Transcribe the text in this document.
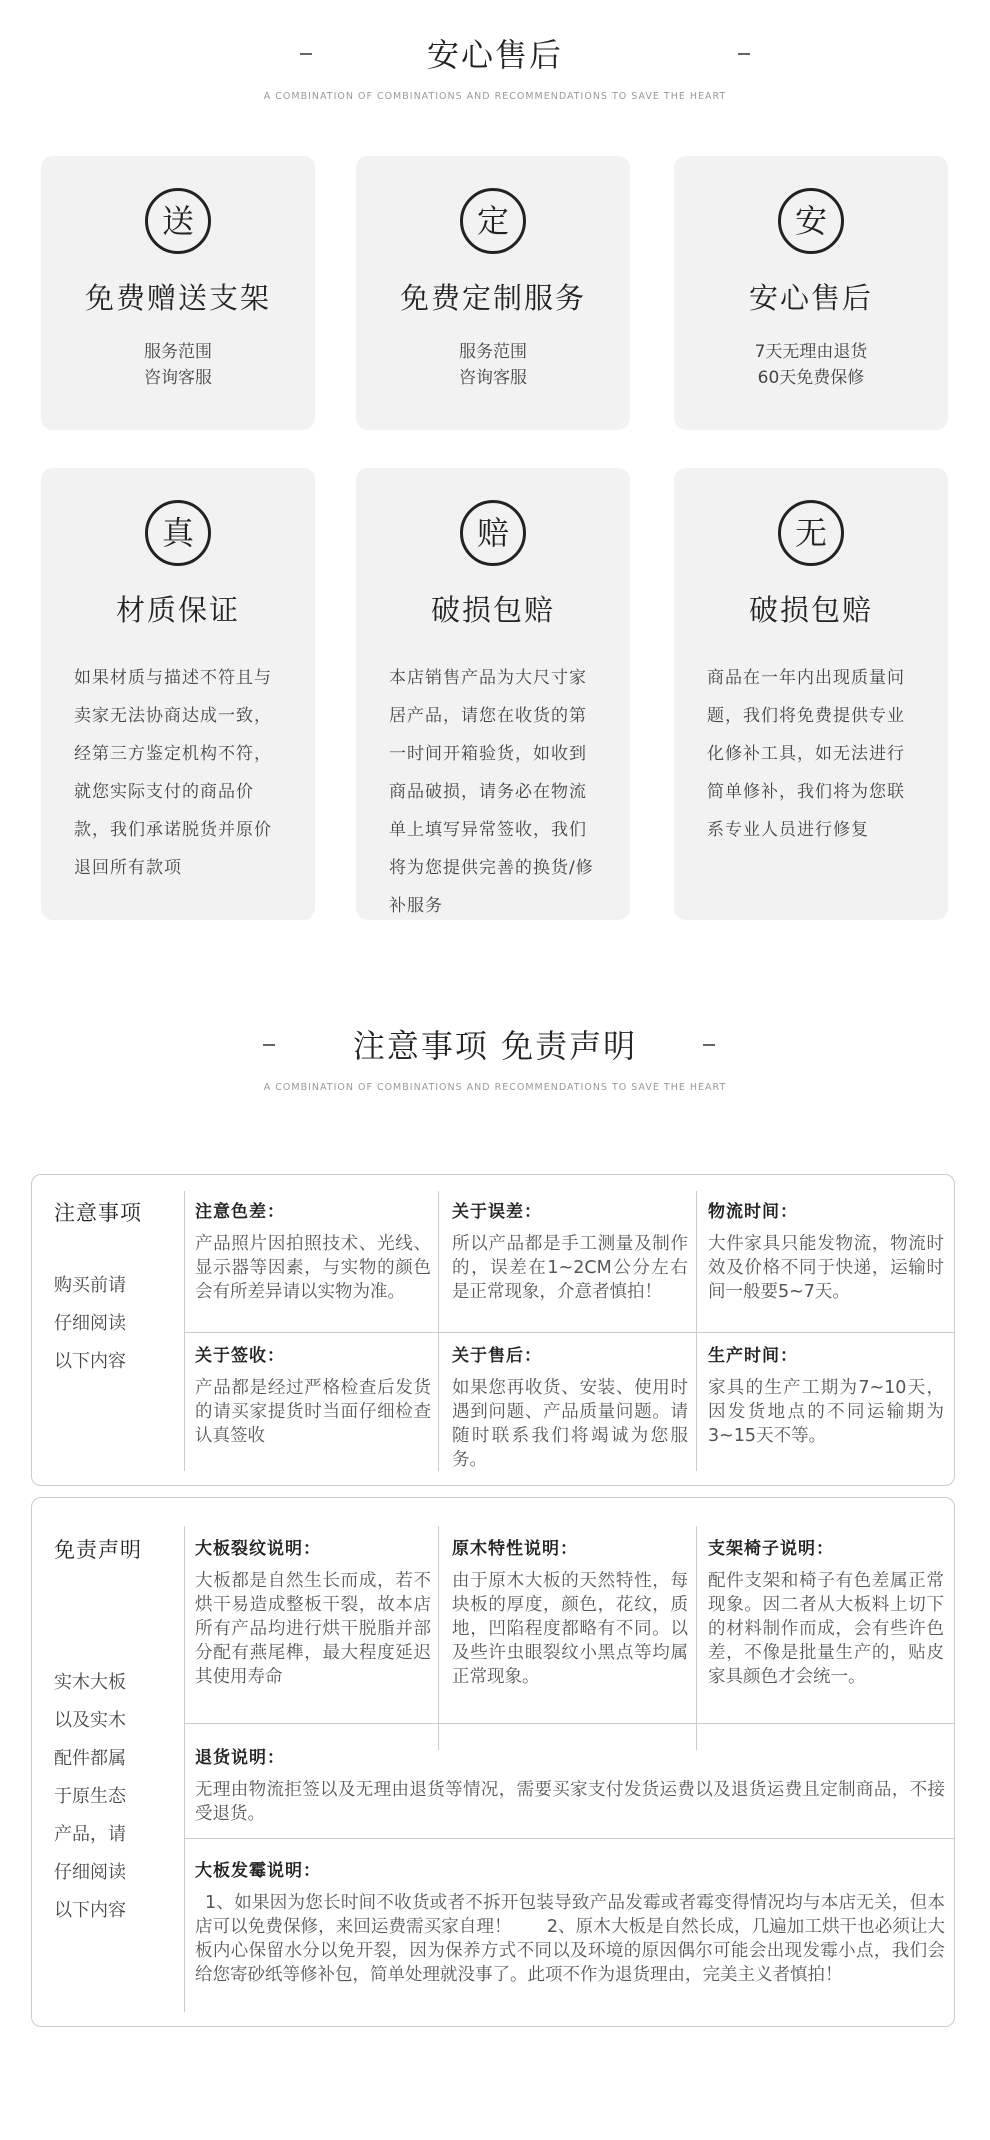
安心售后
A COMBINATION OF COMBINATIONS AND RECOMMENDATIONS TO SAVE THE HEART
送
免费赠送支架
服务范围
咨询客服
定
免费定制服务
服务范围
咨询客服
安
安心售后
7天无理由退货
60天免费保修
真
材质保证
如果材质与描述不符且与卖家无法协商达成一致，经第三方鉴定机构不符，就您实际支付的商品价款，我们承诺脱货并原价退回所有款项
赔
破损包赔
本店销售产品为大尺寸家居产品，请您在收货的第一时间开箱验货，如收到商品破损，请务必在物流单上填写异常签收，我们将为您提供完善的换货/修补服务
无
破损包赔
商品在一年内出现质量问题，我们将免费提供专业化修补工具，如无法进行简单修补，我们将为您联系专业人员进行修复
注意事项 免责声明
A COMBINATION OF COMBINATIONS AND RECOMMENDATIONS TO SAVE THE HEART
注意事项
购买前请
仔细阅读
以下内容
注意色差：
产品照片因拍照技术、光线、显示器等因素，与实物的颜色会有所差异请以实物为准。
关于误差：
所以产品都是手工测量及制作的，误差在1~2CM公分左右是正常现象，介意者慎拍！
物流时间：
大件家具只能发物流，物流时效及价格不同于快递，运输时间一般要5~7天。
关于签收：
产品都是经过严格检查后发货的请买家提货时当面仔细检查认真签收
关于售后：
如果您再收货、安装、使用时遇到问题、产品质量问题。请随时联系我们将竭诚为您服务。
生产时间：
家具的生产工期为7~10天，因发货地点的不同运输期为3~15天不等。
免责声明
实木大板
以及实木
配件都属
于原生态
产品，请
仔细阅读
以下内容
大板裂纹说明：
大板都是自然生长而成，若不烘干易造成整板干裂，故本店所有产品均进行烘干脱脂并部分配有燕尾榫，最大程度延迟其使用寿命
原木特性说明：
由于原木大板的天然特性，每块板的厚度，颜色，花纹，质地，凹陷程度都略有不同。以及些许虫眼裂纹小黑点等均属正常现象。
支架椅子说明：
配件支架和椅子有色差属正常现象。因二者从大板料上切下的材料制作而成，会有些许色差，不像是批量生产的，贴皮家具颜色才会统一。
退货说明：
无理由物流拒签以及无理由退货等情况，需要买家支付发货运费以及退货运费且定制商品，不接受退货。
大板发霉说明：
1、如果因为您长时间不收货或者不拆开包装导致产品发霉或者霉变得情况均与本店无关，但本店可以免费保修，来回运费需买家自理！　　2、原木大板是自然长成，几遍加工烘干也必须让大板内心保留水分以免开裂，因为保养方式不同以及环境的原因偶尔可能会出现发霉小点，我们会给您寄砂纸等修补包，简单处理就没事了。此项不作为退货理由，完美主义者慎拍！
